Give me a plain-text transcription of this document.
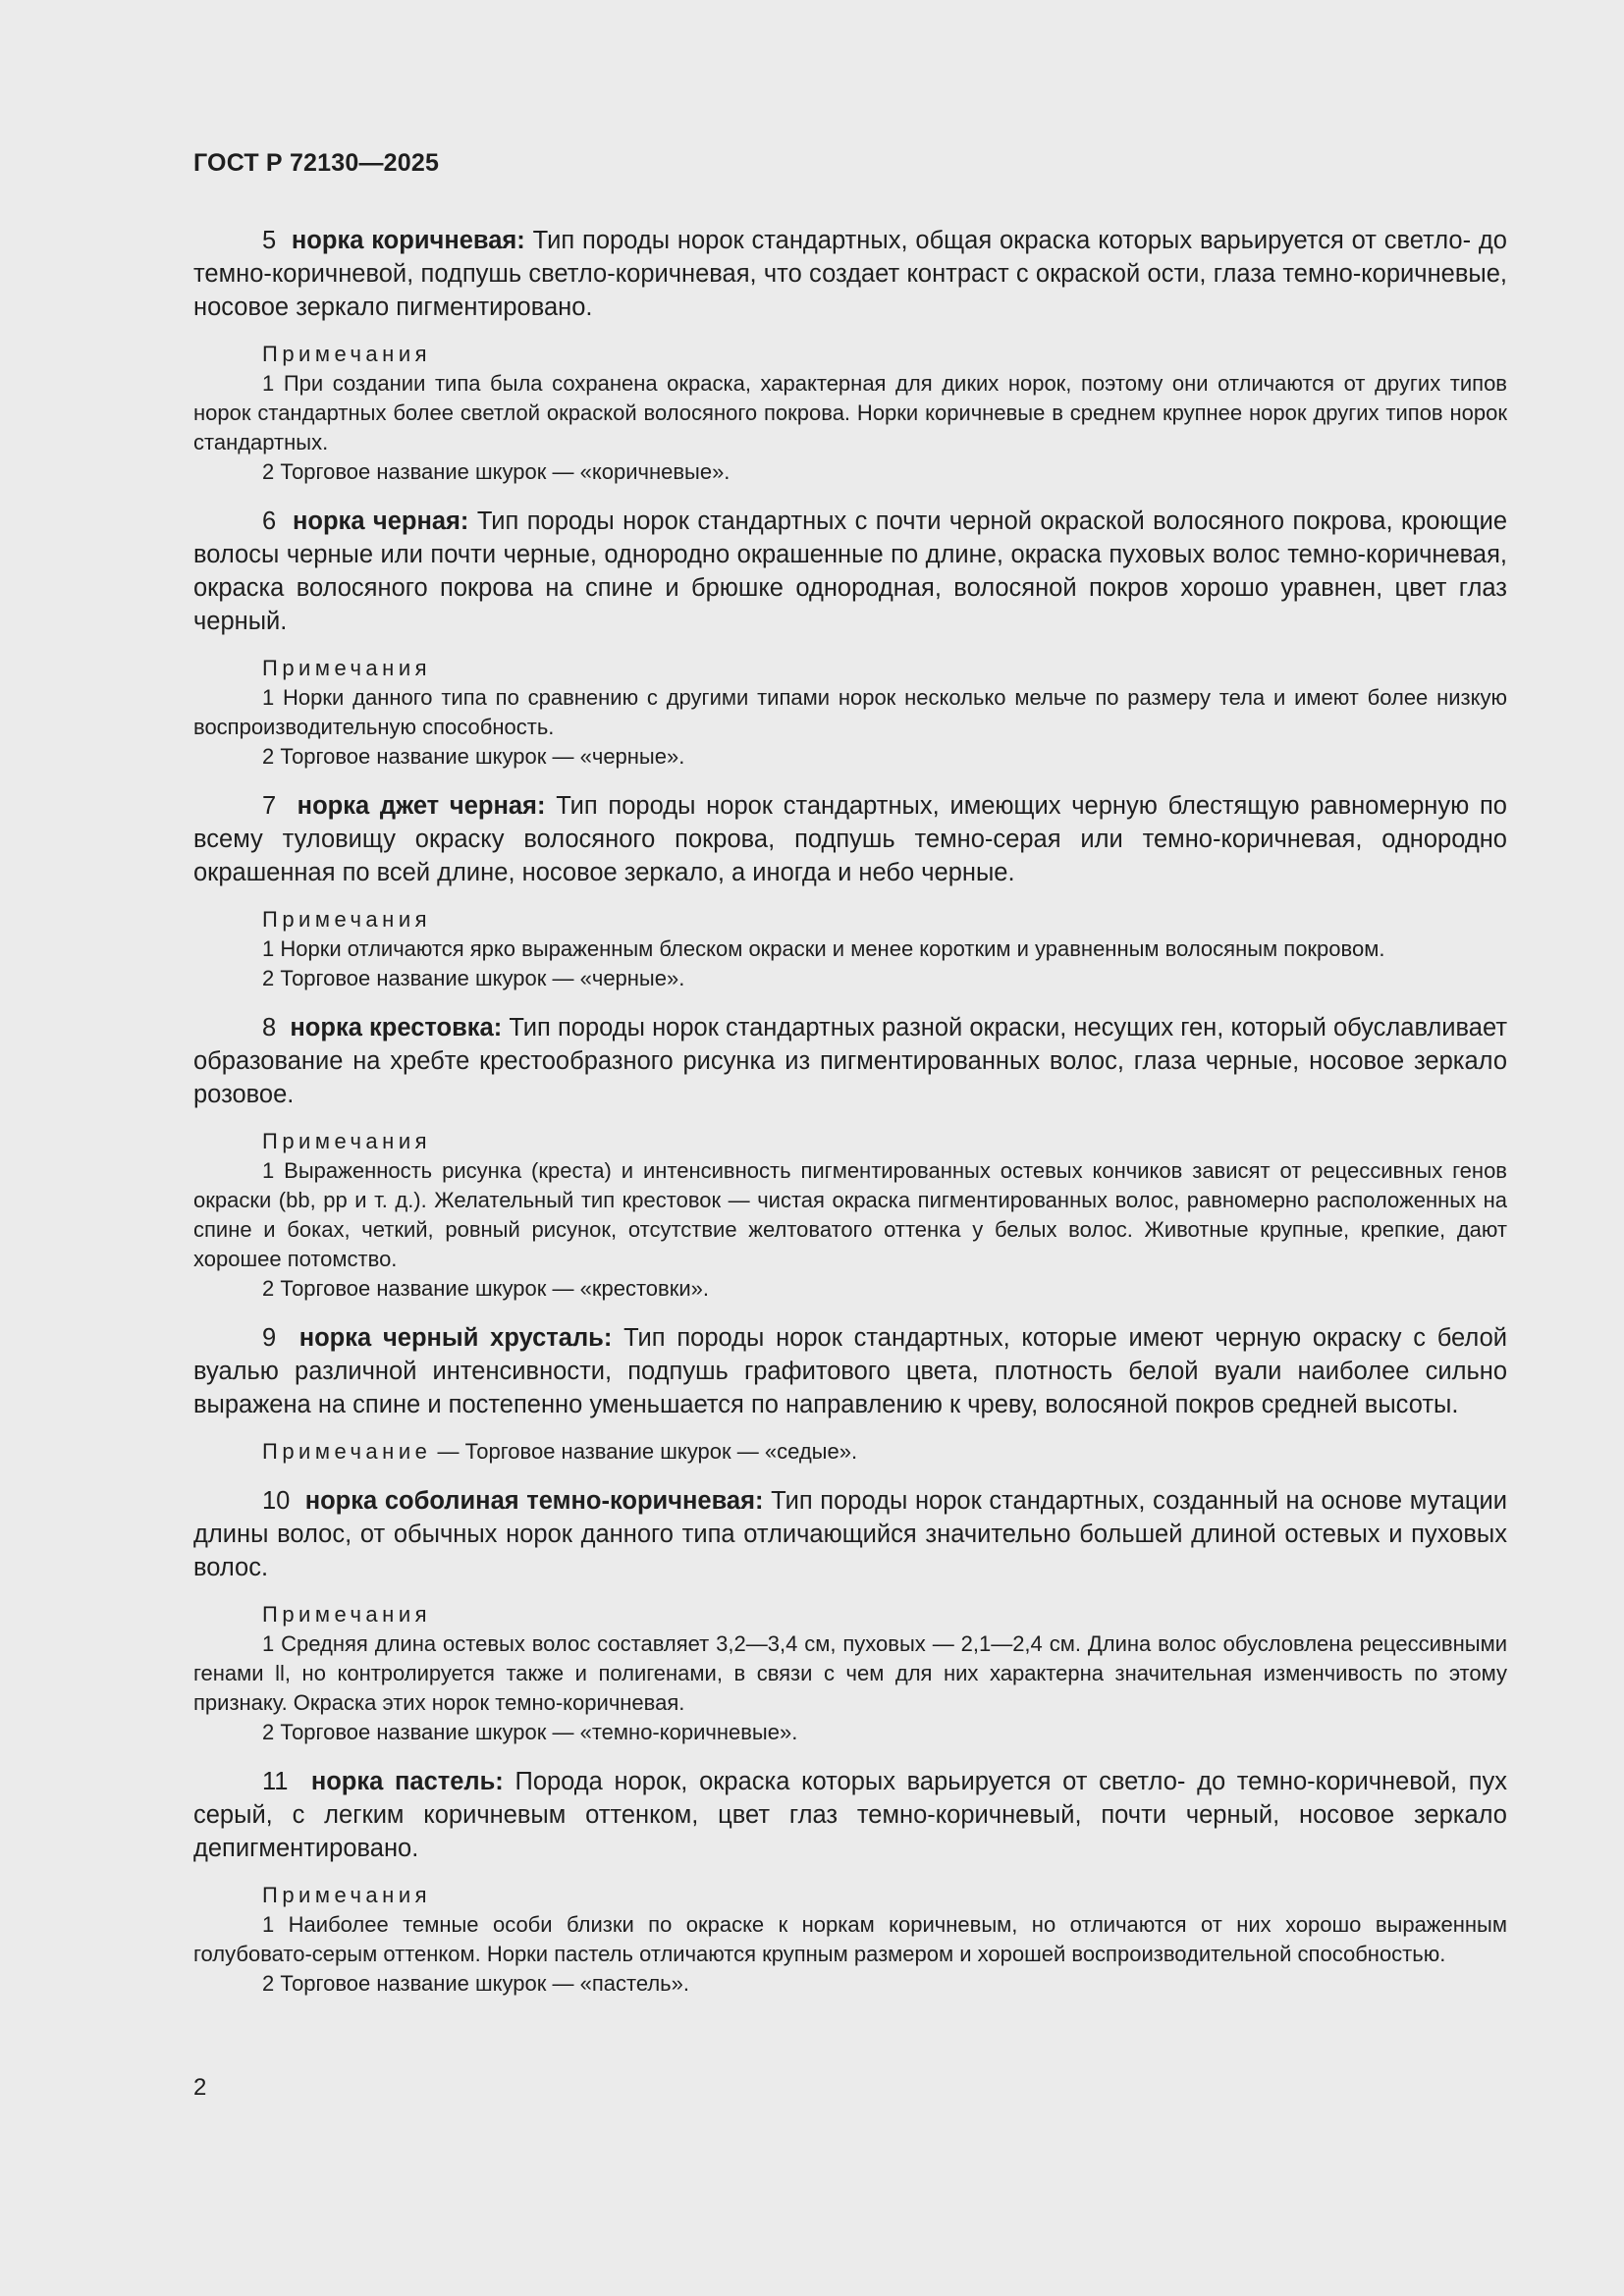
ГОСТ Р 72130—2025

5 норка коричневая: Тип породы норок стандартных, общая окраска которых варьируется от светло- до темно-коричневой, подпушь светло-коричневая, что создает контраст с окраской ости, глаза темно-коричневые, носовое зеркало пигментировано.

Примечания

1 При создании типа была сохранена окраска, характерная для диких норок, поэтому они отличаются от других типов норок стандартных более светлой окраской волосяного покрова. Норки коричневые в среднем крупнее норок других типов норок стандартных.

2 Торговое название шкурок — «коричневые».

6 норка черная: Тип породы норок стандартных с почти черной окраской волосяного покрова, кроющие волосы черные или почти черные, однородно окрашенные по длине, окраска пуховых волос темно-коричневая, окраска волосяного покрова на спине и брюшке однородная, волосяной покров хорошо уравнен, цвет глаз черный.

Примечания

1 Норки данного типа по сравнению с другими типами норок несколько мельче по размеру тела и имеют более низкую воспроизводительную способность.

2 Торговое название шкурок — «черные».

7 норка джет черная: Тип породы норок стандартных, имеющих черную блестящую равномерную по всему туловищу окраску волосяного покрова, подпушь темно-серая или темно-коричневая, однородно окрашенная по всей длине, носовое зеркало, а иногда и небо черные.

Примечания

1 Норки отличаются ярко выраженным блеском окраски и менее коротким и уравненным волосяным покровом.

2 Торговое название шкурок — «черные».

8 норка крестовка: Тип породы норок стандартных разной окраски, несущих ген, который обуславливает образование на хребте крестообразного рисунка из пигментированных волос, глаза черные, носовое зеркало розовое.

Примечания

1 Выраженность рисунка (креста) и интенсивность пигментированных остевых кончиков зависят от рецессивных генов окраски (bb, pp и т. д.). Желательный тип крестовок — чистая окраска пигментированных волос, равномерно расположенных на спине и боках, четкий, ровный рисунок, отсутствие желтоватого оттенка у белых волос. Животные крупные, крепкие, дают хорошее потомство.

2 Торговое название шкурок — «крестовки».

9 норка черный хрусталь: Тип породы норок стандартных, которые имеют черную окраску с белой вуалью различной интенсивности, подпушь графитового цвета, плотность белой вуали наиболее сильно выражена на спине и постепенно уменьшается по направлению к чреву, волосяной покров средней высоты.

Примечание — Торговое название шкурок — «седые».

10 норка соболиная темно-коричневая: Тип породы норок стандартных, созданный на основе мутации длины волос, от обычных норок данного типа отличающийся значительно большей длиной остевых и пуховых волос.

Примечания

1 Средняя длина остевых волос составляет 3,2—3,4 см, пуховых — 2,1—2,4 см. Длина волос обусловлена рецессивными генами ll, но контролируется также и полигенами, в связи с чем для них характерна значительная изменчивость по этому признаку. Окраска этих норок темно-коричневая.

2 Торговое название шкурок — «темно-коричневые».

11 норка пастель: Порода норок, окраска которых варьируется от светло- до темно-коричневой, пух серый, с легким коричневым оттенком, цвет глаз темно-коричневый, почти черный, носовое зеркало депигментировано.

Примечания

1 Наиболее темные особи близки по окраске к норкам коричневым, но отличаются от них хорошо выраженным голубовато-серым оттенком. Норки пастель отличаются крупным размером и хорошей воспроизводительной способностью.

2 Торговое название шкурок — «пастель».

2
